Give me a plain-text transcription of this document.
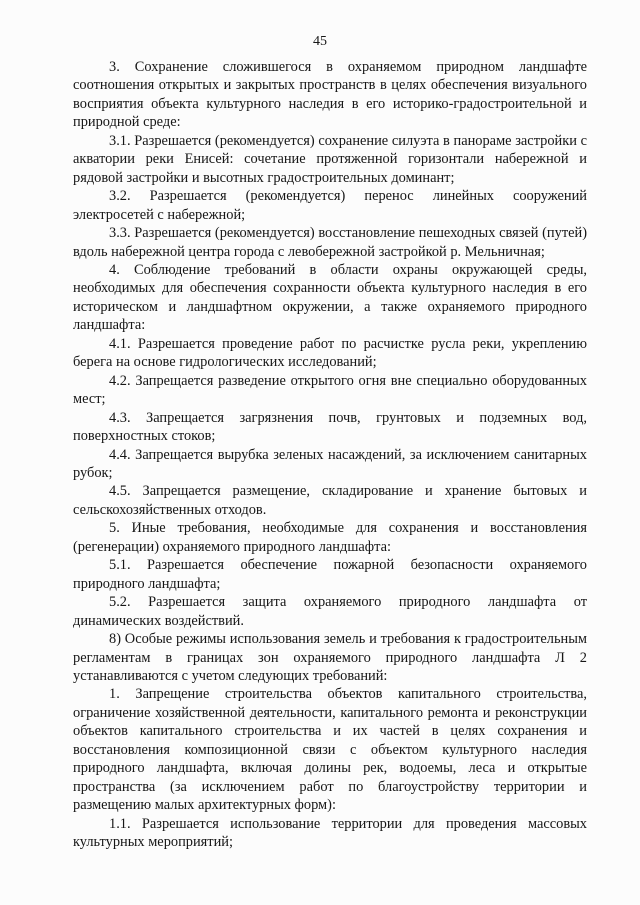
45

3. Сохранение сложившегося в охраняемом природном ландшафте соотношения открытых и закрытых пространств в целях обеспечения визуального восприятия объекта культурного наследия в его историко-градостроительной и природной среде:

3.1. Разрешается (рекомендуется) сохранение силуэта в панораме застройки с акватории реки Енисей: сочетание протяженной горизонтали набережной и рядовой застройки и высотных градостроительных доминант;

3.2. Разрешается (рекомендуется) перенос линейных сооружений электросетей с набережной;

3.3. Разрешается (рекомендуется) восстановление пешеходных связей (путей) вдоль набережной центра города с левобережной застройкой р. Мельничная;

4. Соблюдение требований в области охраны окружающей среды, необходимых для обеспечения сохранности объекта культурного наследия в его историческом и ландшафтном окружении, а также охраняемого природного ландшафта:

4.1. Разрешается проведение работ по расчистке русла реки, укреплению берега на основе гидрологических исследований;

4.2. Запрещается разведение открытого огня вне специально оборудованных мест;

4.3. Запрещается загрязнения почв, грунтовых и подземных вод, поверхностных стоков;

4.4. Запрещается вырубка зеленых насаждений, за исключением санитарных рубок;

4.5. Запрещается размещение, складирование и хранение бытовых и сельскохозяйственных отходов.

5. Иные требования, необходимые для сохранения и восстановления (регенерации) охраняемого природного ландшафта:

5.1. Разрешается обеспечение пожарной безопасности охраняемого природного ландшафта;

5.2. Разрешается защита охраняемого природного ландшафта от динамических воздействий.

8) Особые режимы использования земель и требования к градостроительным регламентам в границах зон охраняемого природного ландшафта Л 2 устанавливаются с учетом следующих требований:

1. Запрещение строительства объектов капитального строительства, ограничение хозяйственной деятельности, капитального ремонта и реконструкции объектов капитального строительства и их частей в целях сохранения и восстановления композиционной связи с объектом культурного наследия природного ландшафта, включая долины рек, водоемы, леса и открытые пространства (за исключением работ по благоустройству территории и размещению малых архитектурных форм):

1.1. Разрешается использование территории для проведения массовых культурных мероприятий;
